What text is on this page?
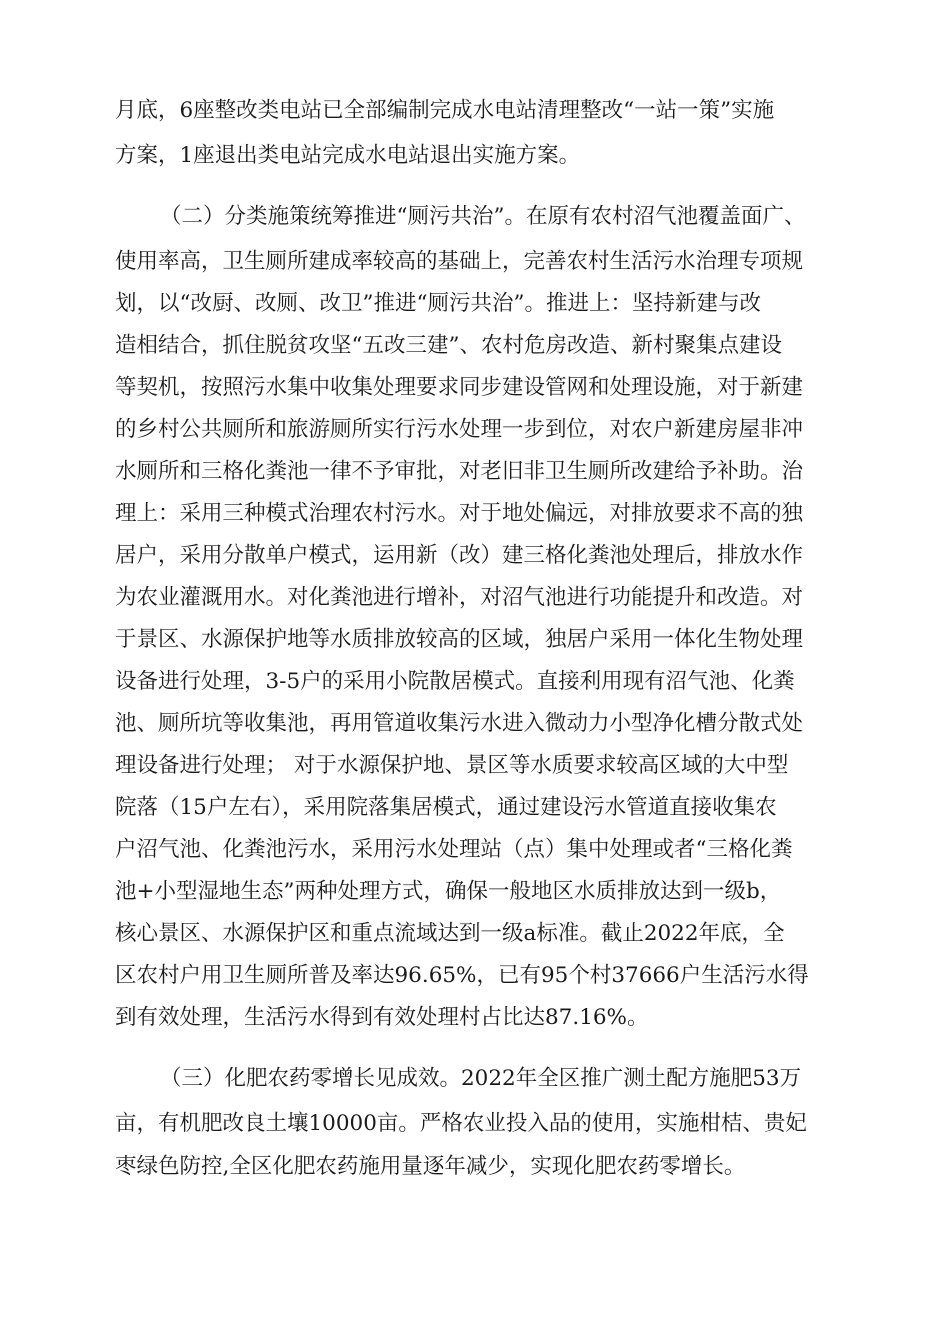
月底，6座整改类电站已全部编制完成水电站清理整改“一站一策”实施

方案，1座退出类电站完成水电站退出实施方案。

（二）分类施策统筹推进“厕污共治”。在原有农村沼气池覆盖面广、

使用率高，卫生厕所建成率较高的基础上，完善农村生活污水治理专项规

划，以“改厨、改厕、改卫”推进“厕污共治”。推进上：坚持新建与改

造相结合，抓住脱贫攻坚“五改三建”、农村危房改造、新村聚集点建设

等契机，按照污水集中收集处理要求同步建设管网和处理设施，对于新建

的乡村公共厕所和旅游厕所实行污水处理一步到位，对农户新建房屋非冲

水厕所和三格化粪池一律不予审批，对老旧非卫生厕所改建给予补助。治

理上：采用三种模式治理农村污水。对于地处偏远，对排放要求不高的独

居户，采用分散单户模式，运用新（改）建三格化粪池处理后，排放水作

为农业灌溉用水。对化粪池进行增补，对沼气池进行功能提升和改造。对

于景区、水源保护地等水质排放较高的区域，独居户采用一体化生物处理

设备进行处理，3-5户的采用小院散居模式。直接利用现有沼气池、化粪

池、厕所坑等收集池，再用管道收集污水进入微动力小型净化槽分散式处

理设备进行处理； 对于水源保护地、景区等水质要求较高区域的大中型

院落（15户左右），采用院落集居模式，通过建设污水管道直接收集农

户沼气池、化粪池污水，采用污水处理站（点）集中处理或者“三格化粪

池+小型湿地生态”两种处理方式，确保一般地区水质排放达到一级b，

核心景区、水源保护区和重点流域达到一级a标准。截止2022年底，全

区农村户用卫生厕所普及率达96.65%，已有95个村37666户生活污水得

到有效处理，生活污水得到有效处理村占比达87.16%。

（三）化肥农药零增长见成效。2022年全区推广测土配方施肥53万

亩，有机肥改良土壤10000亩。严格农业投入品的使用，实施柑桔、贵妃

枣绿色防控,全区化肥农药施用量逐年减少，实现化肥农药零增长。
